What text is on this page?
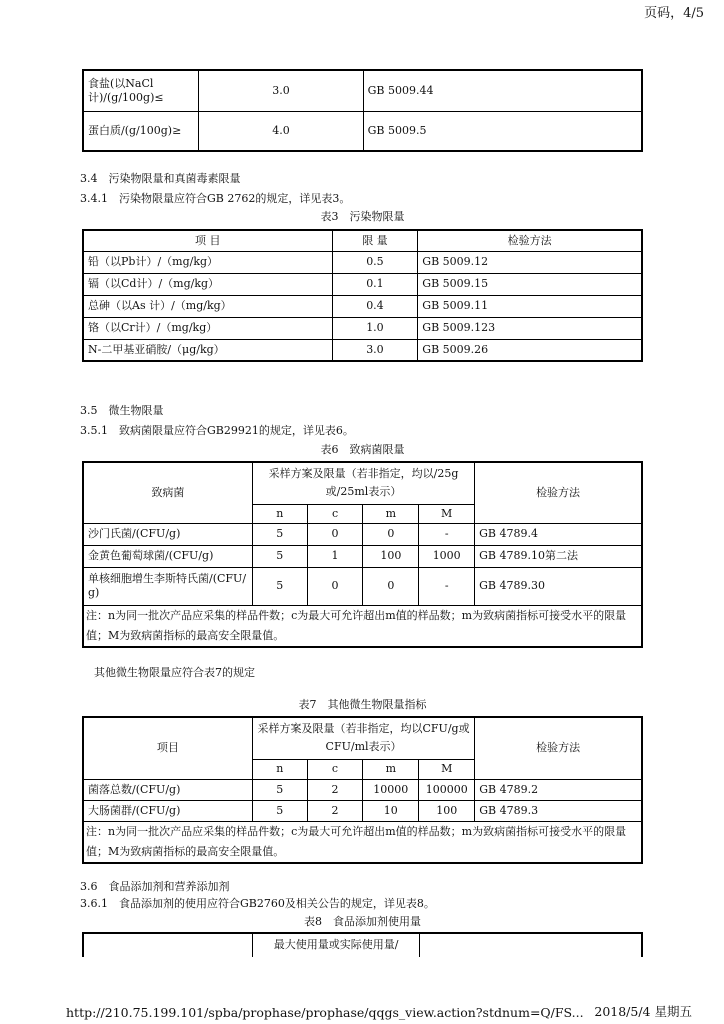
页码，4/5
食盐(以NaCl计)/(g/100g)≤	3.0	GB 5009.44
蛋白质/(g/100g)≥	4.0	GB 5009.5
3.4　污染物限量和真菌毒素限量
3.4.1　污染物限量应符合GB 2762的规定，详见表3。
表3　污染物限量
项 目	限 量	检验方法
铅（以Pb计）/（mg/kg）	0.5	GB 5009.12
镉（以Cd计）/（mg/kg）	0.1	GB 5009.15
总砷（以As 计）/（mg/kg）	0.4	GB 5009.11
铬（以Cr计）/（mg/kg）	1.0	GB 5009.123
N-二甲基亚硝胺/（μg/kg）	3.0	GB 5009.26
3.5　微生物限量
3.5.1　致病菌限量应符合GB29921的规定，详见表6。
表6　致病菌限量
致病菌	采样方案及限量（若非指定，均以/25g或/25ml表示）				检验方法
	n	c	m	M	
沙门氏菌/(CFU/g)	5	0	0	-	GB 4789.4
金黄色葡萄球菌/(CFU/g)	5	1	100	1000	GB 4789.10第二法
单核细胞增生李斯特氏菌/(CFU/g)	5	0	0	-	GB 4789.30
注：n为同一批次产品应采集的样品件数；c为最大可允许超出m值的样品数；m为致病菌指标可接受水平的限量值；M为致病菌指标的最高安全限量值。					
其他微生物限量应符合表7的规定
表7　其他微生物限量指标
项目	采样方案及限量（若非指定，均以CFU/g或CFU/ml表示）				检验方法
	n	c	m	M	
菌落总数/(CFU/g)	5	2	10000	100000	GB 4789.2
大肠菌群/(CFU/g)	5	2	10	100	GB 4789.3
注：n为同一批次产品应采集的样品件数；c为最大可允许超出m值的样品数；m为致病菌指标可接受水平的限量值；M为致病菌指标的最高安全限量值。					
3.6　食品添加剂和营养添加剂
3.6.1　食品添加剂的使用应符合GB2760及相关公告的规定，详见表8。
表8　食品添加剂使用量
	最大使用量或实际使用量/	
http://210.75.199.101/spba/prophase/prophase/qqgs_view.action?stdnum=Q/FS... 2018/5/4 星期五
